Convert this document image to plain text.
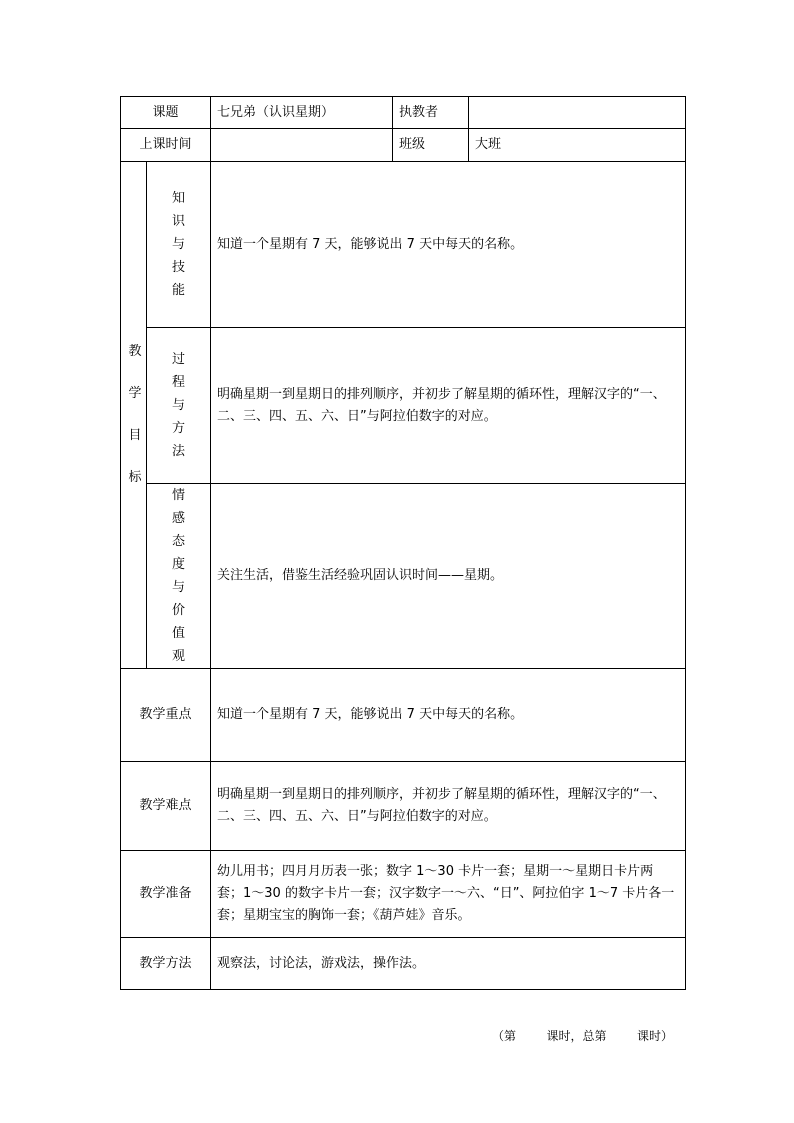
课题		七兄弟（认识星期）	执教者	
上课时间			班级	大班
教学目标	知识与技能	知道一个星期有 7 天，能够说出 7 天中每天的名称。		
	过程与方法	明确星期一到星期日的排列顺序，并初步了解星期的循环性，理解汉字的“一、二、三、四、五、六、日”与阿拉伯数字的对应。		
	情感态度与价值观	关注生活，借鉴生活经验巩固认识时间——星期。		
教学重点		知道一个星期有 7 天，能够说出 7 天中每天的名称。		
教学难点		明确星期一到星期日的排列顺序，并初步了解星期的循环性，理解汉字的“一、二、三、四、五、六、日”与阿拉伯数字的对应。		
教学准备		幼儿用书；四月月历表一张；数字 1～30 卡片一套；星期一～星期日卡片两套；1～30 的数字卡片一套；汉字数字一～六、“日”、阿拉伯字 1～7 卡片各一套；星期宝宝的胸饰一套；《葫芦娃》音乐。		
教学方法		观察法，讨论法，游戏法，操作法。		
（第        课时，总第        课时）
